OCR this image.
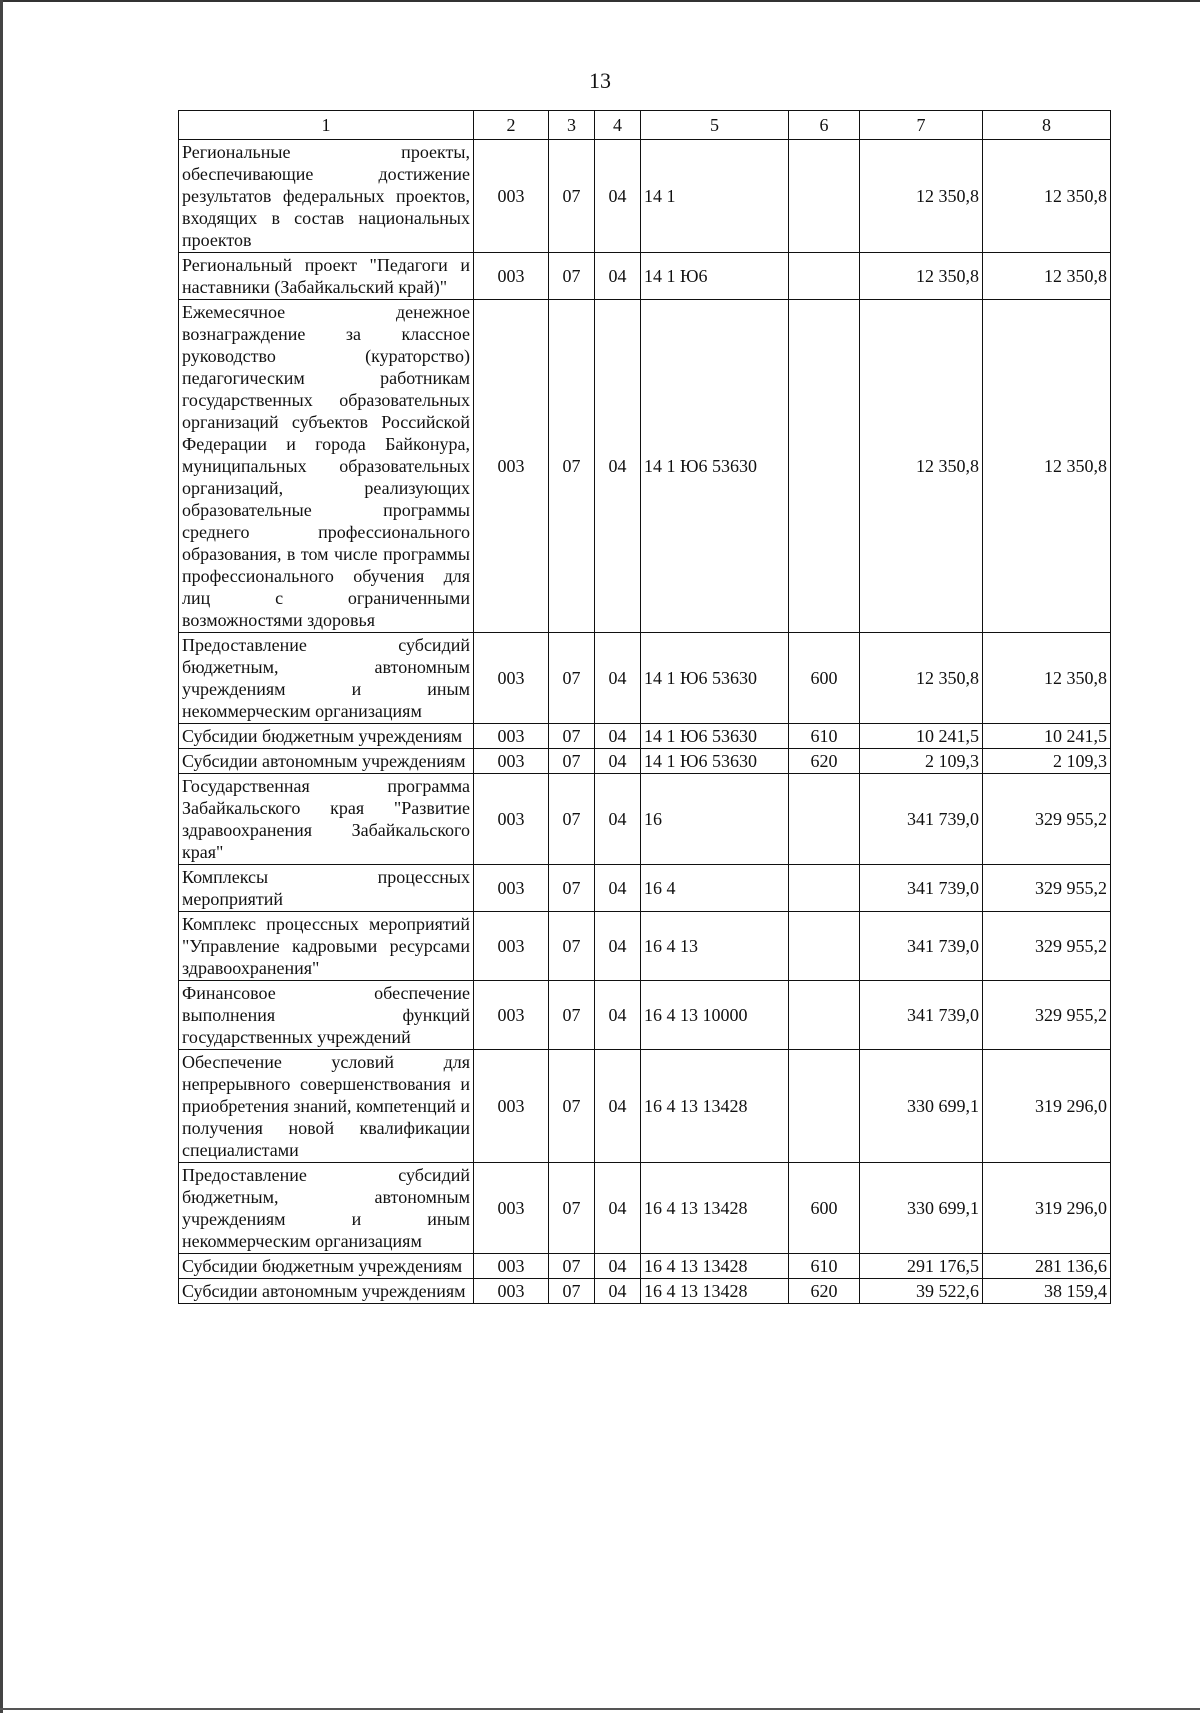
13
1	2	3	4	5	6	7	8
Региональные проекты, обеспечивающие достижение результатов федеральных проектов, входящих в состав национальных проектов	003	07	04	14 1		12 350,8	12 350,8
Региональный проект "Педагоги и наставники (Забайкальский край)"	003	07	04	14 1 Ю6		12 350,8	12 350,8
Ежемесячное денежное вознаграждение за классное руководство (кураторство) педагогическим работникам государственных образовательных организаций субъектов Российской Федерации и города Байконура, муниципальных образовательных организаций, реализующих образовательные программы среднего профессионального образования, в том числе программы профессионального обучения для лиц с ограниченными возможностями здоровья	003	07	04	14 1 Ю6 53630		12 350,8	12 350,8
Предоставление субсидий бюджетным, автономным учреждениям и иным некоммерческим организациям	003	07	04	14 1 Ю6 53630	600	12 350,8	12 350,8
Субсидии бюджетным учреждениям	003	07	04	14 1 Ю6 53630	610	10 241,5	10 241,5
Субсидии автономным учреждениям	003	07	04	14 1 Ю6 53630	620	2 109,3	2 109,3
Государственная программа Забайкальского края "Развитие здравоохранения Забайкальского края"	003	07	04	16		341 739,0	329 955,2
Комплексы процессных мероприятий	003	07	04	16 4		341 739,0	329 955,2
Комплекс процессных мероприятий "Управление кадровыми ресурсами здравоохранения"	003	07	04	16 4 13		341 739,0	329 955,2
Финансовое обеспечение выполнения функций государственных учреждений	003	07	04	16 4 13 10000		341 739,0	329 955,2
Обеспечение условий для непрерывного совершенствования и приобретения знаний, компетенций и получения новой квалификации специалистами	003	07	04	16 4 13 13428		330 699,1	319 296,0
Предоставление субсидий бюджетным, автономным учреждениям и иным некоммерческим организациям	003	07	04	16 4 13 13428	600	330 699,1	319 296,0
Субсидии бюджетным учреждениям	003	07	04	16 4 13 13428	610	291 176,5	281 136,6
Субсидии автономным учреждениям	003	07	04	16 4 13 13428	620	39 522,6	38 159,4
